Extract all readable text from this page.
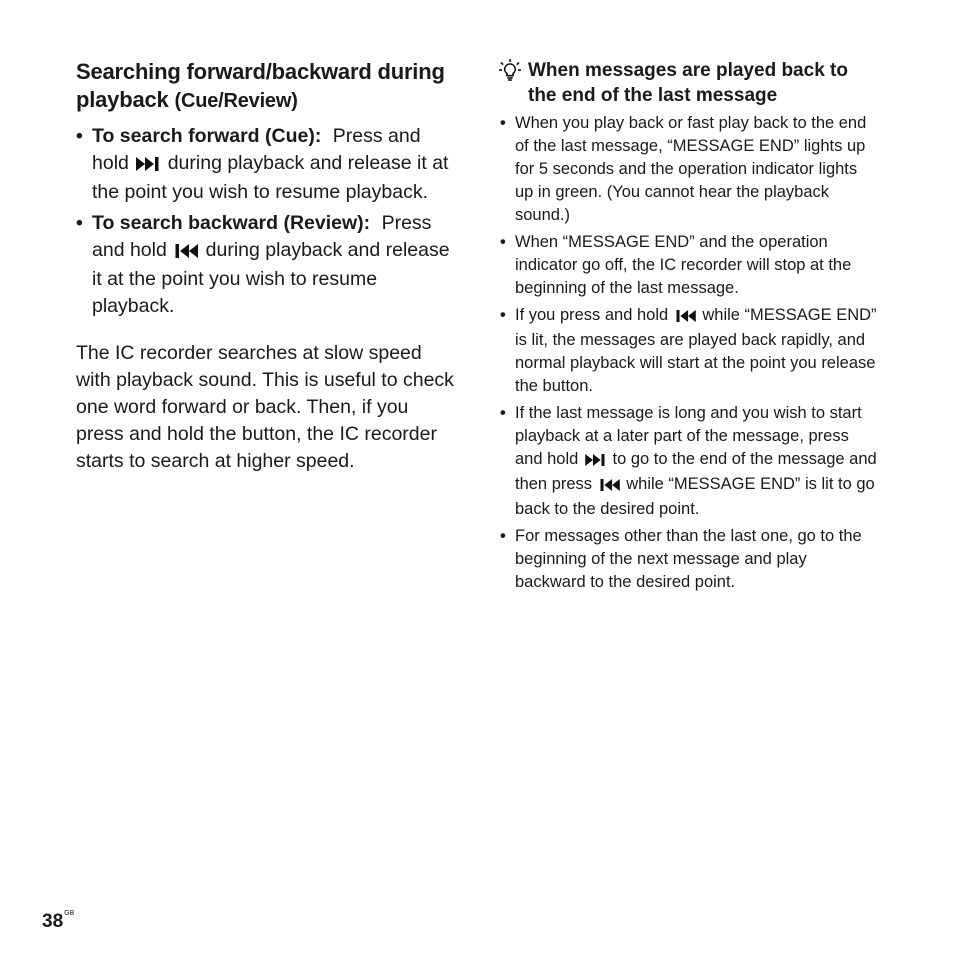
Searching forward/backward during playback (Cue/Review)
• To search forward (Cue): Press and hold  during playback and release it at the point you wish to resume playback.
• To search backward (Review): Press and hold  during playback and release it at the point you wish to resume playback.

The IC recorder searches at slow speed with playback sound. This is useful to check one word forward or back. Then, if you press and hold the button, the IC recorder starts to search at higher speed.

When messages are played back to the end of the last message
• When you play back or fast play back to the end of the last message, “MESSAGE END” lights up for 5 seconds and the operation indicator lights up in green. (You cannot hear the playback sound.)
• When “MESSAGE END” and the operation indicator go off, the IC recorder will stop at the beginning of the last message.
• If you press and hold  while “MESSAGE END” is lit, the messages are played back rapidly, and normal playback will start at the point you release the button.
• If the last message is long and you wish to start playback at a later part of the message, press and hold  to go to the end of the message and then press  while “MESSAGE END” is lit to go back to the desired point.
• For messages other than the last one, go to the beginning of the next message and play backward to the desired point.
$38^{GB}$
